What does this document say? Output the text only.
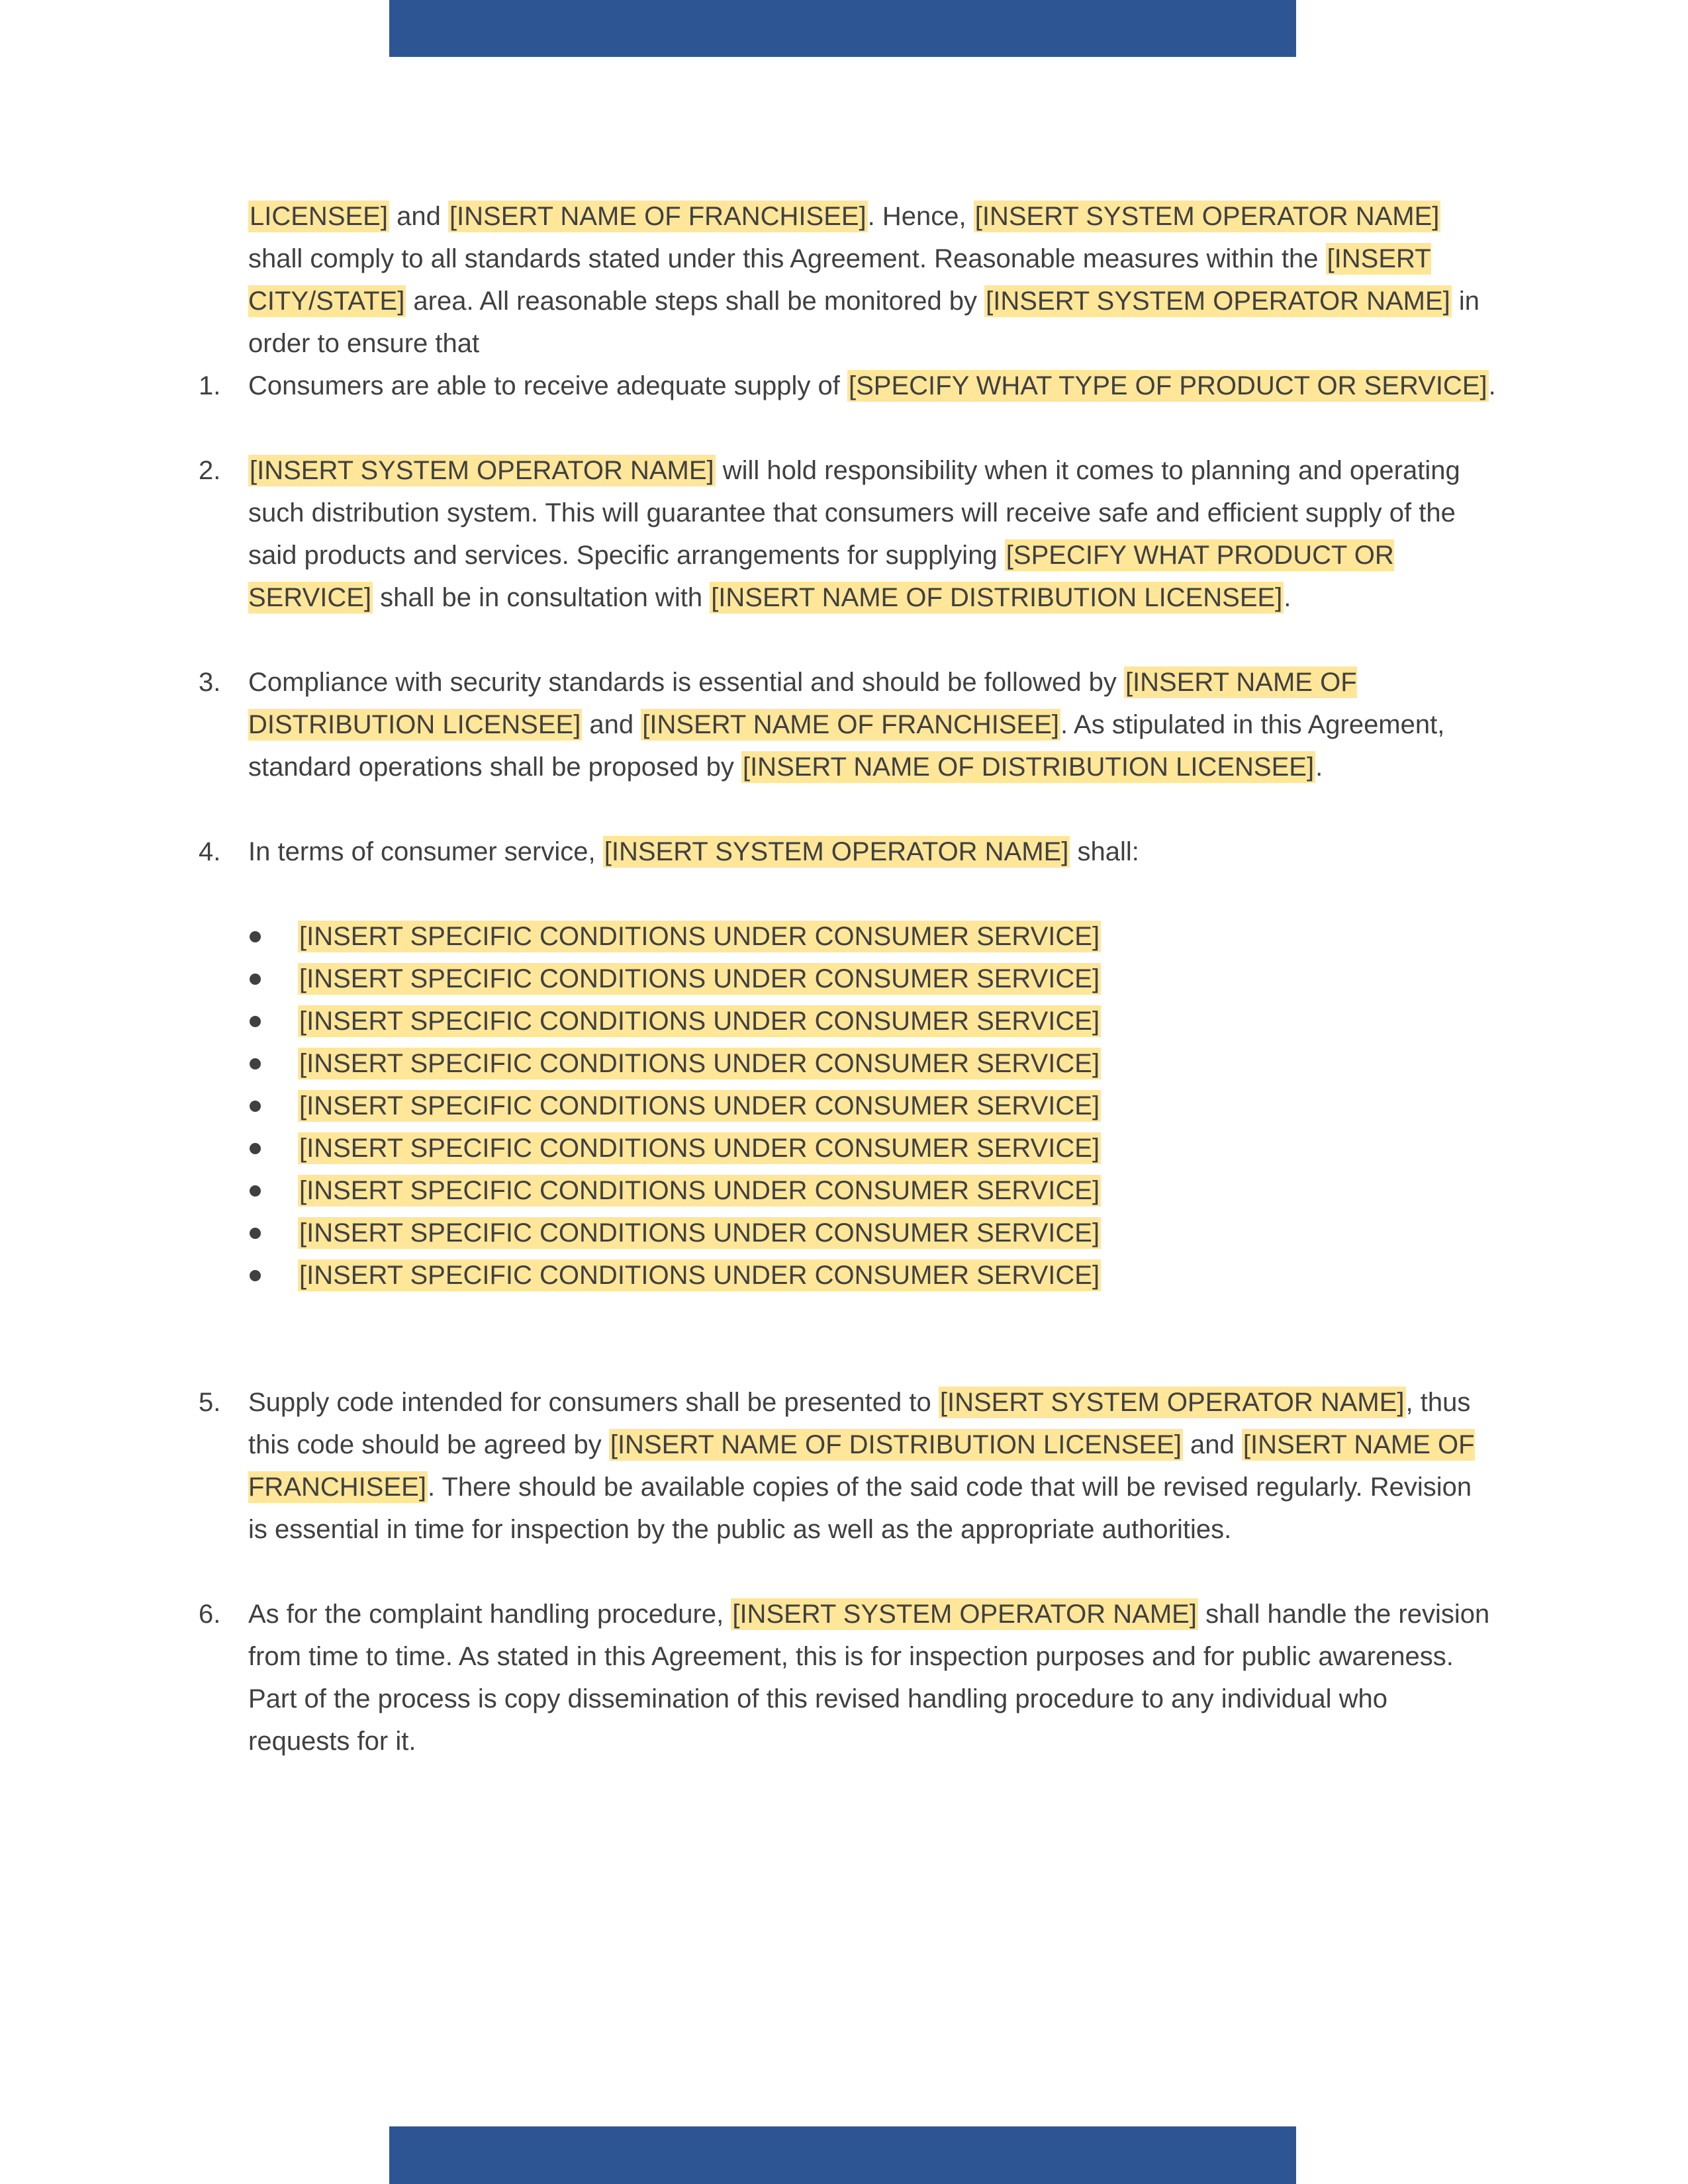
LICENSEE] and [INSERT NAME OF FRANCHISEE]. Hence, [INSERT SYSTEM OPERATOR NAME] shall comply to all standards stated under this Agreement. Reasonable measures within the [INSERT CITY/STATE] area. All reasonable steps shall be monitored by [INSERT SYSTEM OPERATOR NAME] in order to ensure that
1. Consumers are able to receive adequate supply of [SPECIFY WHAT TYPE OF PRODUCT OR SERVICE].
2. [INSERT SYSTEM OPERATOR NAME] will hold responsibility when it comes to planning and operating such distribution system. This will guarantee that consumers will receive safe and efficient supply of the said products and services. Specific arrangements for supplying [SPECIFY WHAT PRODUCT OR SERVICE] shall be in consultation with [INSERT NAME OF DISTRIBUTION LICENSEE].
3. Compliance with security standards is essential and should be followed by [INSERT NAME OF DISTRIBUTION LICENSEE] and [INSERT NAME OF FRANCHISEE]. As stipulated in this Agreement, standard operations shall be proposed by [INSERT NAME OF DISTRIBUTION LICENSEE].
4. In terms of consumer service, [INSERT SYSTEM OPERATOR NAME] shall:
[INSERT SPECIFIC CONDITIONS UNDER CONSUMER SERVICE]
[INSERT SPECIFIC CONDITIONS UNDER CONSUMER SERVICE]
[INSERT SPECIFIC CONDITIONS UNDER CONSUMER SERVICE]
[INSERT SPECIFIC CONDITIONS UNDER CONSUMER SERVICE]
[INSERT SPECIFIC CONDITIONS UNDER CONSUMER SERVICE]
[INSERT SPECIFIC CONDITIONS UNDER CONSUMER SERVICE]
[INSERT SPECIFIC CONDITIONS UNDER CONSUMER SERVICE]
[INSERT SPECIFIC CONDITIONS UNDER CONSUMER SERVICE]
[INSERT SPECIFIC CONDITIONS UNDER CONSUMER SERVICE]
5. Supply code intended for consumers shall be presented to [INSERT SYSTEM OPERATOR NAME], thus this code should be agreed by [INSERT NAME OF DISTRIBUTION LICENSEE] and [INSERT NAME OF FRANCHISEE]. There should be available copies of the said code that will be revised regularly. Revision is essential in time for inspection by the public as well as the appropriate authorities.
6. As for the complaint handling procedure, [INSERT SYSTEM OPERATOR NAME] shall handle the revision from time to time. As stated in this Agreement, this is for inspection purposes and for public awareness. Part of the process is copy dissemination of this revised handling procedure to any individual who requests for it.
